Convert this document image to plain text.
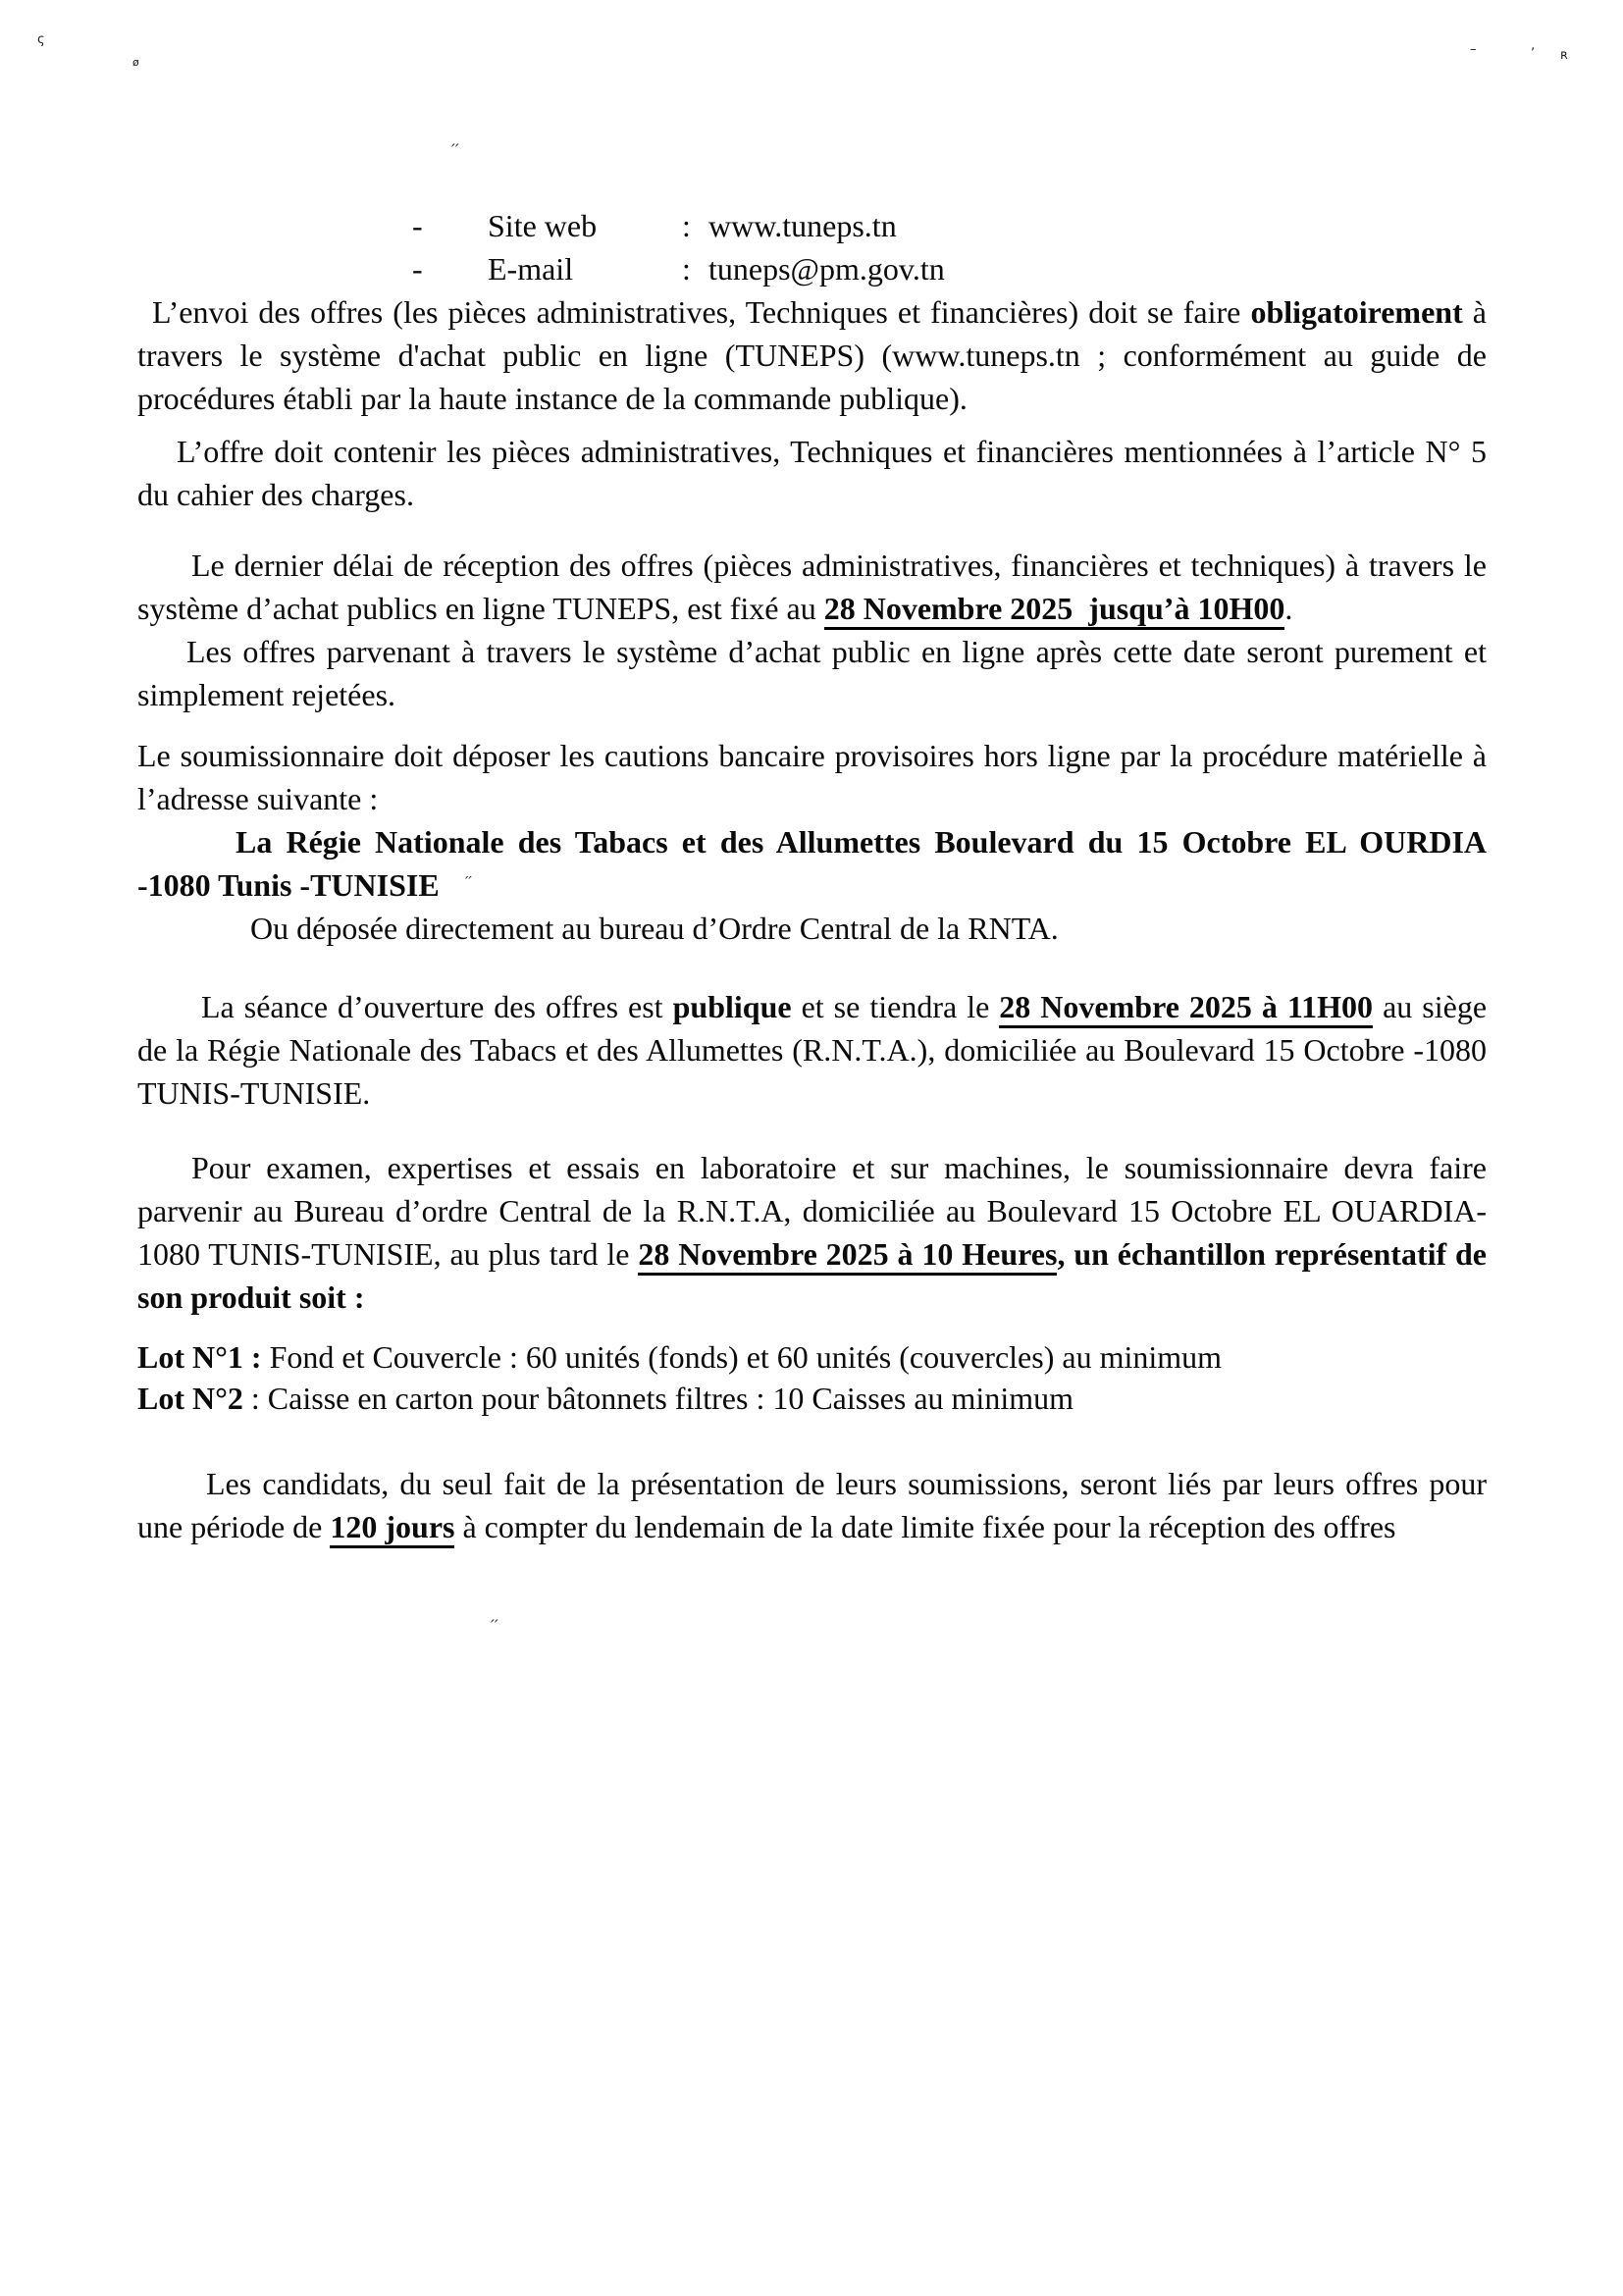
ς
ø
–	ʼ ʀ
′′
′′
′′
- Site web	: www.tuneps.tn
- E-mail	: tuneps@pm.gov.tn

L’envoi des offres (les pièces administratives, Techniques et financières) doit se faire obligatoirement à travers le système d'achat public en ligne (TUNEPS) (www.tuneps.tn ; conformément au guide de procédures établi par la haute instance de la commande publique).

L’offre doit contenir les pièces administratives, Techniques et financières mentionnées à l’article N° 5 du cahier des charges.

Le dernier délai de réception des offres (pièces administratives, financières et techniques) à travers le système d’achat publics en ligne TUNEPS, est fixé au 28 Novembre 2025  jusqu’à 10H00.

Les offres parvenant à travers le système d’achat public en ligne après cette date seront purement et simplement rejetées.

Le soumissionnaire doit déposer les cautions bancaire provisoires hors ligne par la procédure matérielle à l’adresse suivante :

La Régie Nationale des Tabacs et des Allumettes Boulevard du 15 Octobre EL OURDIA -1080 Tunis -TUNISIE

Ou déposée directement au bureau d’Ordre Central de la RNTA.

La séance d’ouverture des offres est publique et se tiendra le 28 Novembre 2025 à 11H00 au siège de la Régie Nationale des Tabacs et des Allumettes (R.N.T.A.), domiciliée au Boulevard 15 Octobre -1080 TUNIS-TUNISIE.

Pour examen, expertises et essais en laboratoire et sur machines, le soumissionnaire devra faire parvenir au Bureau d’ordre Central de la R.N.T.A, domiciliée au Boulevard 15 Octobre EL OUARDIA-1080 TUNIS-TUNISIE, au plus tard le 28 Novembre 2025 à 10 Heures, un échantillon représentatif de son produit soit :

Lot N°1 : Fond et Couvercle : 60 unités (fonds) et 60 unités (couvercles) au minimum

Lot N°2 : Caisse en carton pour bâtonnets filtres : 10 Caisses au minimum

Les candidats, du seul fait de la présentation de leurs soumissions, seront liés par leurs offres pour une période de 120 jours à compter du lendemain de la date limite fixée pour la réception des offres
